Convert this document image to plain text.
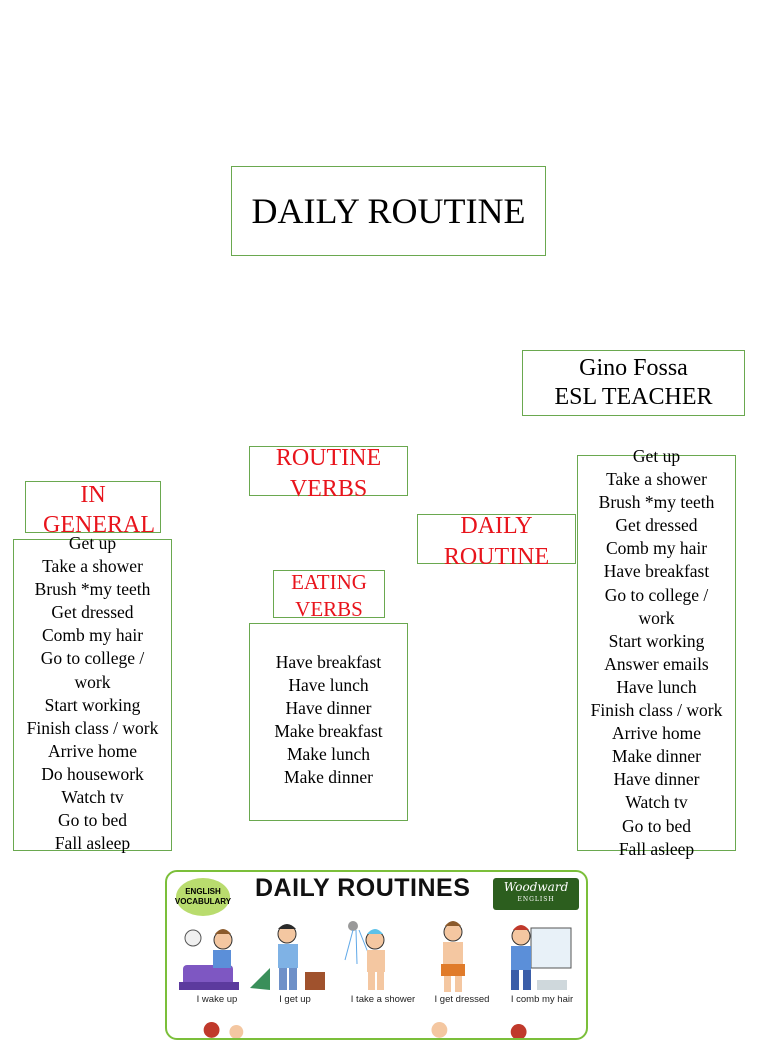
DAILY ROUTINE
Gino Fossa
ESL TEACHER
IN GENERAL
ROUTINE VERBS
DAILY ROUTINE
EATING VERBS
Get up
Take a shower
Brush *my teeth
Get dressed
Comb my hair
Go to college / work
Start working
Finish class / work
Arrive home
Do housework
Watch tv
Go to bed
Fall asleep
Have breakfast
Have lunch
Have dinner
Make breakfast
Make lunch
Make dinner
Get up
Take a shower
Brush *my teeth
Get dressed
Comb my hair
Have breakfast
Go to college / work
Start working
Answer emails
Have lunch
Finish class / work
Arrive home
Make dinner
Have dinner
Watch tv
Go to bed
Fall asleep
ENGLISH
VOCABULARY DAILY ROUTINES	Woodward
ENGLISH
I wake up	I get up	I take a shower	I get dressed	I comb my hair
